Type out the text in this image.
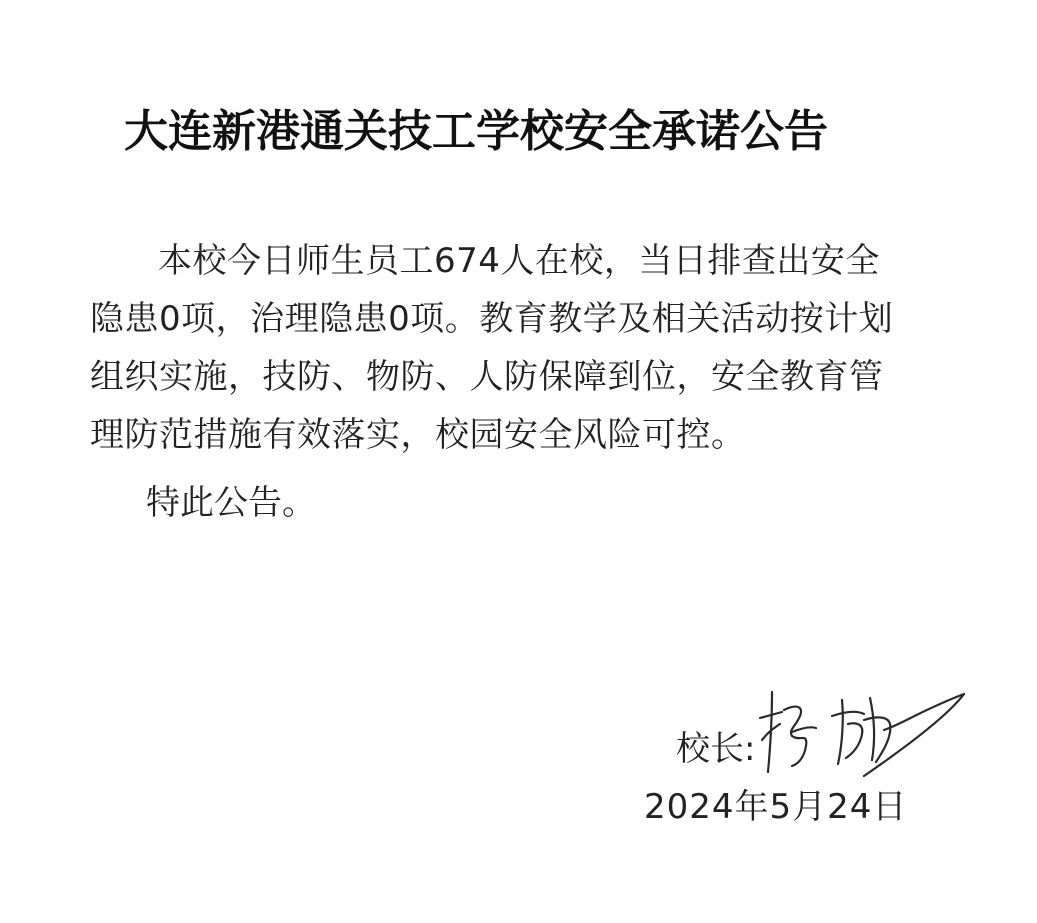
大连新港通关技工学校安全承诺公告

本校今日师生员工674人在校，当日排查出安全隐患0项，治理隐患0项。教育教学及相关活动按计划组织实施，技防、物防、人防保障到位，安全教育管理防范措施有效落实，校园安全风险可控。

特此公告。

校长:

2024年5月24日
